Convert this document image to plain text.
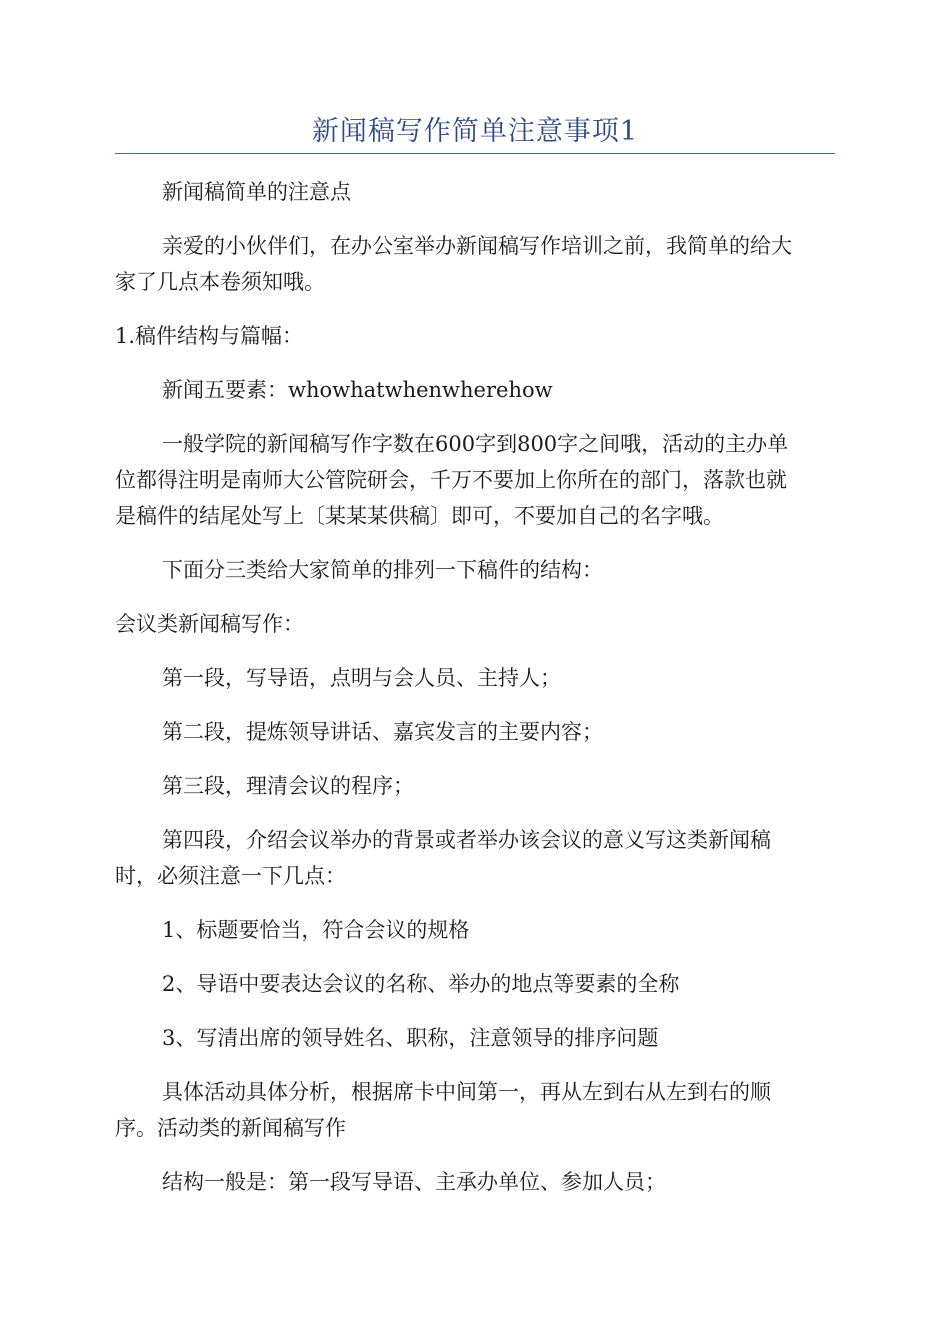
新闻稿写作简单注意事项1
新闻稿简单的注意点
亲爱的小伙伴们，在办公室举办新闻稿写作培训之前，我简单的给大
家了几点本卷须知哦。
1.稿件结构与篇幅：
新闻五要素：whowhatwhenwherehow
一般学院的新闻稿写作字数在600字到800字之间哦，活动的主办单
位都得注明是南师大公管院研会，千万不要加上你所在的部门，落款也就
是稿件的结尾处写上〔某某某供稿〕即可，不要加自己的名字哦。
下面分三类给大家简单的排列一下稿件的结构：
会议类新闻稿写作：
第一段，写导语，点明与会人员、主持人；
第二段，提炼领导讲话、嘉宾发言的主要内容；
第三段，理清会议的程序；
第四段，介绍会议举办的背景或者举办该会议的意义写这类新闻稿
时，必须注意一下几点：
1、标题要恰当，符合会议的规格
2、导语中要表达会议的名称、举办的地点等要素的全称
3、写清出席的领导姓名、职称，注意领导的排序问题
具体活动具体分析，根据席卡中间第一，再从左到右从左到右的顺
序。活动类的新闻稿写作
结构一般是：第一段写导语、主承办单位、参加人员；
